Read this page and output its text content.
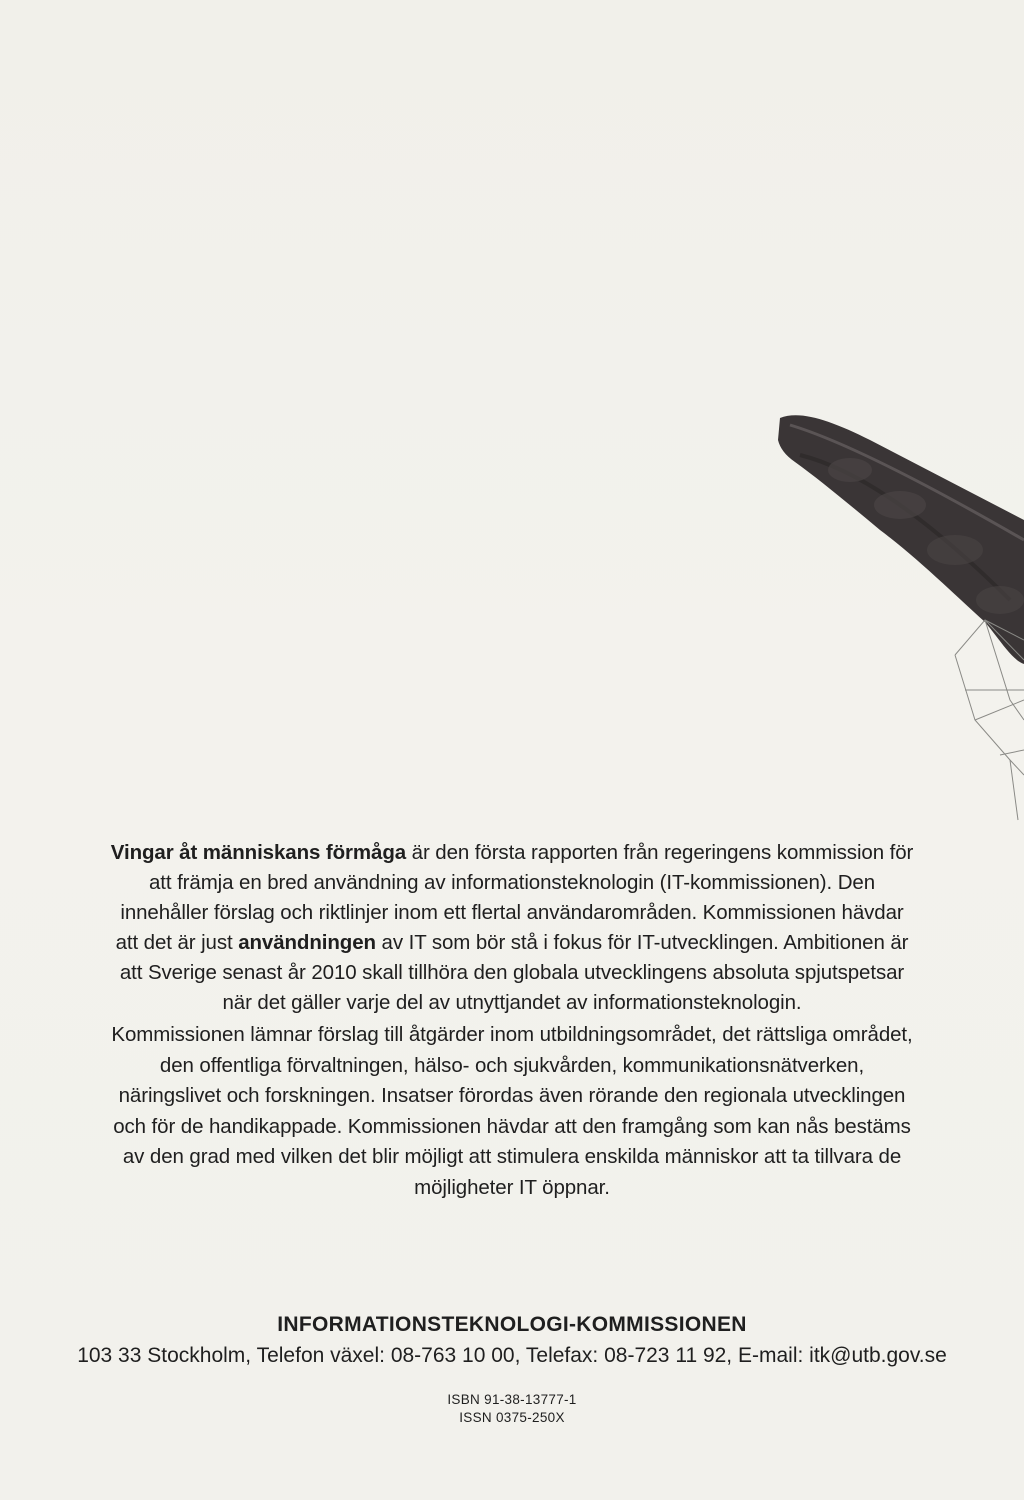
Vingar åt människans förmåga är den första rapporten från regeringens kommission för att främja en bred användning av informationsteknologin (IT-kommissionen). Den innehåller förslag och riktlinjer inom ett flertal användarområden. Kommissionen hävdar att det är just användningen av IT som bör stå i fokus för IT-utvecklingen. Ambitionen är att Sverige senast år 2010 skall tillhöra den globala utvecklingens absoluta spjutspetsar när det gäller varje del av utnyttjandet av informationsteknologin.

Kommissionen lämnar förslag till åtgärder inom utbildningsområdet, det rättsliga området, den offentliga förvaltningen, hälso- och sjukvården, kommunikationsnätverken, näringslivet och forskningen. Insatser förordas även rörande den regionala utvecklingen och för de handikappade. Kommissionen hävdar att den framgång som kan nås bestäms av den grad med vilken det blir möjligt att stimulera enskilda människor att ta tillvara de möjligheter IT öppnar.

INFORMATIONSTEKNOLOGI-KOMMISSIONEN

103 33 Stockholm, Telefon växel: 08-763 10 00, Telefax: 08-723 11 92, E-mail: itk@utb.gov.se

ISBN 91-38-13777-1

ISSN 0375-250X
